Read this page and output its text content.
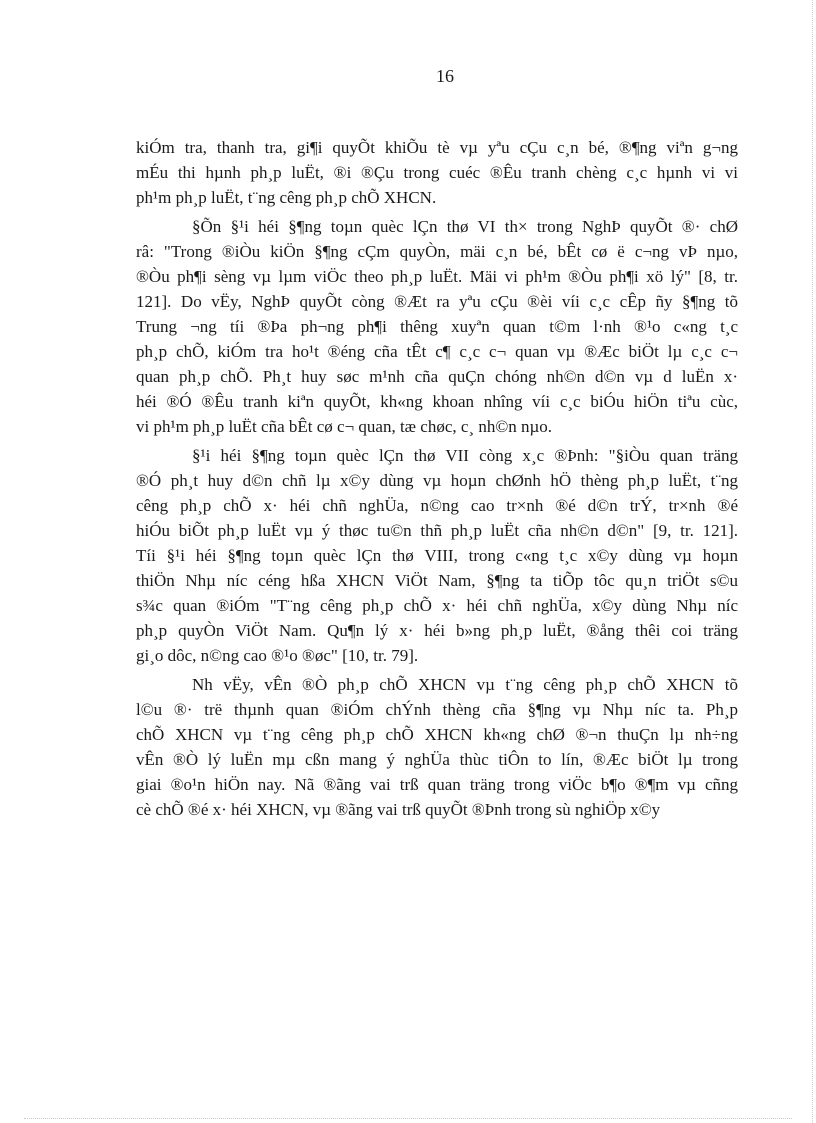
16

kiÓm tra, thanh tra, gi¶i quyÕt khiÕu tè vµ yªu cÇu c¸n bé, ®¶ng viªn g¬ng
mÉu thi hµnh ph¸p luËt, ®i ®Çu trong cuéc ®Êu tranh chèng c¸c hµnh vi vi
ph¹m ph¸p luËt, t¨ng cêng ph¸p chÕ XHCN.

§Õn §¹i héi §¶ng toµn quèc lÇn thø VI th× trong NghÞ quyÕt ®· chØ
râ: "Trong ®iÒu kiÖn §¶ng cÇm quyÒn, mäi c¸n bé, bÊt cø ë c¬ng vÞ nµo,
®Òu ph¶i sèng vµ lµm viÖc theo ph¸p luËt. Mäi vi ph¹m ®Òu ph¶i xö lý" [8, tr.
121]. Do vËy, NghÞ quyÕt còng ®Æt ra yªu cÇu ®èi víi c¸c cÊp ñy §¶ng tõ
Trung ¬ng tíi ®Þa ph¬ng ph¶i thêng xuyªn quan t©m l·nh ®¹o c«ng t¸c
ph¸p chÕ, kiÓm tra ho¹t ®éng cña tÊt c¶ c¸c c¬ quan vµ ®Æc biÖt lµ c¸c c¬
quan ph¸p chÕ. Ph¸t huy søc m¹nh cña quÇn chóng nh©n d©n vµ d luËn x·
héi ®Ó ®Êu tranh kiªn quyÕt, kh«ng khoan nhîng víi c¸c biÓu hiÖn tiªu cùc,
vi ph¹m ph¸p luËt cña bÊt cø c¬ quan, tæ chøc, c¸ nh©n nµo.

§¹i héi §¶ng toµn quèc lÇn thø VII còng x¸c ®Þnh: "§iÒu quan träng
®Ó ph¸t huy d©n chñ lµ x©y dùng vµ hoµn chØnh hÖ thèng ph¸p luËt, t¨ng
cêng ph¸p chÕ x· héi chñ nghÜa, n©ng cao tr×nh ®é d©n trÝ, tr×nh ®é
hiÓu biÕt ph¸p luËt vµ ý thøc tu©n thñ ph¸p luËt cña nh©n d©n" [9, tr. 121].
Tíi §¹i héi §¶ng toµn quèc lÇn thø VIII, trong c«ng t¸c x©y dùng vµ hoµn
thiÖn Nhµ níc céng hßa XHCN ViÖt Nam, §¶ng ta tiÕp tôc qu¸n triÖt s©u
s¾c quan ®iÓm "T¨ng cêng ph¸p chÕ x· héi chñ nghÜa, x©y dùng Nhµ níc
ph¸p quyÒn ViÖt Nam. Qu¶n lý x· héi b»ng ph¸p luËt, ®ång thêi coi träng
gi¸o dôc, n©ng cao ®¹o ®øc" [10, tr. 79].

Nh vËy, vÊn ®Ò ph¸p chÕ XHCN vµ t¨ng cêng ph¸p chÕ XHCN tõ
l©u ®· trë thµnh quan ®iÓm chÝnh thèng cña §¶ng vµ Nhµ níc ta. Ph¸p
chÕ XHCN vµ t¨ng cêng ph¸p chÕ XHCN kh«ng chØ ®¬n thuÇn lµ nh÷ng
vÊn ®Ò lý luËn mµ cßn mang ý nghÜa thùc tiÔn to lín, ®Æc biÖt lµ trong
giai ®o¹n hiÖn nay. Nã ®ãng vai trß quan träng trong viÖc b¶o ®¶m vµ cñng
cè chÕ ®é x· héi XHCN, vµ ®ãng vai trß quyÕt ®Þnh trong sù nghiÖp x©y
